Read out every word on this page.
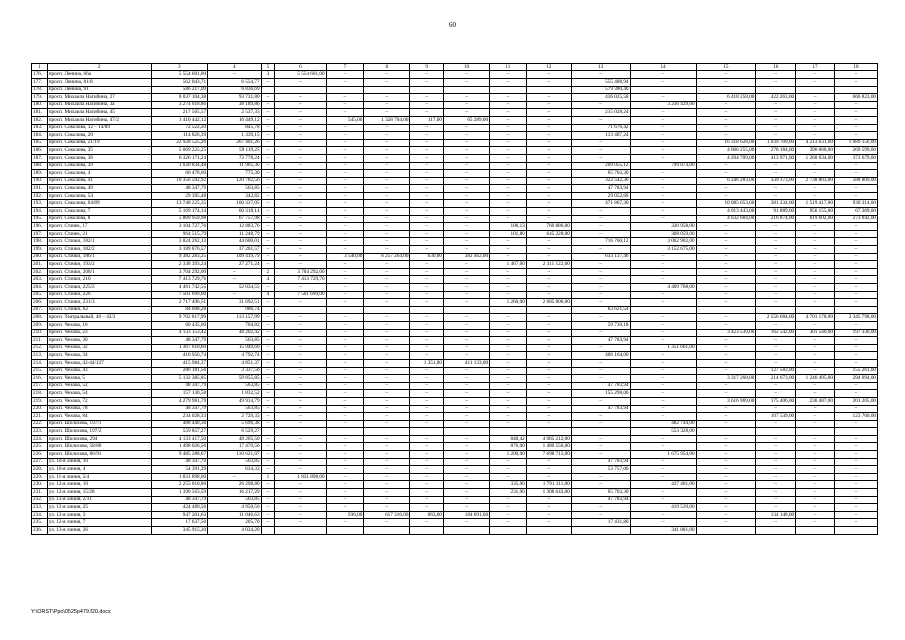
60
1	2	3	4	5	6	7	8	9	10	11	12	13	14	15	16	17	18
176.	просп. Ленина, 66а	5 554 601,00	–	3	5 554 601,00	–	–	–	–	–	–	–	–	–	–	–	–
177.	просп. Ленина, 81/8	562 043,71	6 554,77	–	–	–	–	–	–	–	–	555 488,94	–	–	–	–	–
178.	просп. Ленина, 91	586 217,09	6 836,69									579 380,40					
179.	просп. Михаила Нагибина, 27	8 037 104,38	93 731,80	–	–	–	–	–	–	–	–	436 025,58	–	6 418 258,00	422 263,00	–	666 823,00
180.	просп. Михаила Нагибина, 3а	3 274 618,86	38 189,86	–	–	–	–	–	–	–	–	–	3 236 429,00	–	–	–	–
181.	просп. Михаила Нагибина, 45	217 565,57	2 537,33	–	–	–	–	–	–	–	–	215 028,24	–	–	–	–	–
182.	просп. Михаила Нагибина, 47/2	1 410 442,12	16 449,12	–	–	545,00	1 328 704,00	117,00	65 289,00	–	–	–	–	–	–	–	–
183.	просп. Соколова, 12 – 14/89	72 522,20	845,78	–	–	–	–	–	–	–	–	71 676,42	–	–	–	–	–
184.	просп. Соколова, 20	114 826,39	1 339,15	–	–	–	–	–	–	–	–	113 487,24	–	–	–	–	–
185.	просп. Соколова, 21/19	22 928 525,26	267 401,26	–	–	–	–	–	–	–	–	–	–	16 318 628,00	1 039 709,00	4 213 631,00	1 089 156,00
186.	просп. Соколова, 35	5 069 225,25	59 119,25	–	–	–	–	–	–	–	–	–	–	4 066 255,00	278 184,00	396 068,00	269 599,00
187.	просп. Соколова, 36	6 326 171,24	73 778,24	–	–	–	–	–	–	–	–	–	–	4 204 709,00	413 971,00	1 260 034,00	373 679,00
188.	просп. Соколова, 39	1 020 834,48	11 905,36	–	–	–	–	–	–	–	–	209 055,12	799 874,00	–	–	–	–
189.	просп. Соколова, 4	66 478,60	775,30	–	–	–	–	–	–	–	–	65 703,30	–	–	–	–	–
190.	просп. Соколова, 41	10 356 592,92	120 782,56	–	–	–	–	–	–	–	–	322 542,36	–	6 246 283,00	339 373,00	2 738 803,00	588 809,00
191.	просп. Соколова, 49	48 347,79	563,85	–	–	–	–	–	–	–	–	47 783,94	–	–	–	–	–
192.	просп. Соколова, 54	29 395,48	342,82	–	–	–	–	–	–	–	–	29 052,66	–	–	–	–	–
193.	просп. Соколова, 64/89	13 748 225,35	160 337,05	–	–	–	–	–	–	–	–	471 867,30	–	10 085 053,00	381 234,00	1 519 417,00	930 314,00
194.	просп. Соколова, 7	5 169 174,14	60 318,14	–	–	–	–	–	–	–	–	–	–	4 013 443,00	91 889,00	956 155,00	67 369,00
195.	просп. Соколова, 8	5 809 959,98	67 757,98	–	–	–	–	–	–	–	–	–	–	4 632 684,00	216 874,00	619 602,00	273 042,00
196.	просп. Стачек, 17	3 104 727,76	12 883,76	–	–	–	–	–	–	106,13	760 886,00	–	330 958,00	–	–	–	–
197.	просп. Стачек, 21	964 515,79	11 248,79	–	–	–	–	–	–	101,80	645 228,00	–	308 059,00	–	–	–	–
198.	просп. Стачки, 182/1	3 824 262,13	44 600,01	–	–	–	–	–	–	–	–	716 760,12	3 062 902,00	–	–	–	–
199.	просп. Стачки, 182/2	3 189 876,57	37 201,57	–	–	–	–	–	–	–	–	–	3 152 675,00	–	–	–	–
200.	просп. Стачки, 186/1	9 382 283,25	109 419,79	–	–	3 540,00	8 257 264,00	630,00	382 462,00	–	–	633 137,46	–	–	–	–	–
201.	просп. Стачки, 193/2	2 338 393,24	27 271,24	–	–	–	–	–	–	1 467,00	2 311 122,00	–	–	–	–	–	–
202.	просп. Стачки, 208/1	3 704 292,00	–	2	3 704 292,00	–	–	–	–	–	–	–	–	–	–	–	–
203.	просп. Стачки, 210	7 413 729,76	–	4	7 413 729,76	–	–	–	–	–	–	–	–	–	–	–	–
204.	просп. Стачки, 225/2	4 461 742,55	52 034,55	–	–	–	–	–	–	–	–	–	4 409 708,00	–	–	–	–
205.	просп. Стачки, 226	7 501 699,00	–	4	7 501 699,00	–	–	–	–	–	–	–	–	–	–	–	–
206.	просп. Стачки, 231/3	2 717 496,51	31 692,51	–	–	–	–	–	–	1 260,00	2 685 806,00	–	–	–	–	–	–
207.	просп. Стачки, 62	84 608,28	986,74									83 621,54					
208.	просп. Театральный, 40 – 42/2	9 702 817,99	113 157,99	–	–	–	–	–	–	–	–	–	–	–	2 556 684,00	4 701 178,00	2 345 798,00
209.	просп. Чехова, 10	60 435,00	704,82	–	–	–	–	–	–	–	–	59 730,18	–	–	–	–	–
210.	просп. Чехова, 23	4 133 153,42	48 202,42	–	–	–	–	–	–	–	–	–	–	3 423 539,00	162 542,00	301 540,00	197 330,00
211.	просп. Чехова, 30	48 347,79	563,85	–	–	–	–	–	–	–	–	47 783,94	–	–	–	–	–
212.	просп. Чехова, 32	1 367 610,60	15 949,60	–	–	–	–	–	–	–	–	–	1 351 661,00	–	–	–	–
213.	просп. Чехова, 34	410 956,74	4 792,74	–	–	–	–	–	–	–	–	406 164,00	–	–	–	–	–
214.	просп. Чехова, 42-44/127	415 984,37	4 851,37	–	–	–	–	1 351,00	411 133,00	–	–	–	–	–	–	–	–
215.	просп. Чехова, 43	286 181,56	3 337,56	–	–	–	–	–	–	–	–	–	–	–	127 583,00	–	155 261,00
216.	просп. Чехова, 5	5 132 385,85	59 855,85	–	–	–	–	–	–	–	–	–	–	3 317 268,00	214 673,00	1 246 495,00	294 094,00
217.	просп. Чехова, 52	48 347,79	563,85	–	–	–	–	–	–	–	–	47 783,94	–	–	–	–	–
218.	просп. Чехова, 54	157 130,58	1 832,52	–	–	–	–	–	–	–	–	155 298,06	–	–	–	–	–
219.	просп. Чехова, 72	4 279 981,79	49 914,79	–	–	–	–	–	–	–	–	–	–	3 616 969,00	175 406,00	236 487,00	201 205,00
220.	просп. Чехова, 78	48 347,79	563,85	–	–	–	–	–	–	–	–	47 783,94	–	–	–	–	–
221.	просп. Чехова, 84	234 028,33	2 729,33	–	–	–	–	–	–	–	–	–	–	–	107 539,00	–	123 760,00
222.	просп. Шолохова, 197/1	488 440,38	5 696,38	–	–	–	–	–	–	–	–	–	482 744,00	–	–	–	–
223.	просп. Шолохова, 197/2	559 857,27	6 529,27										553 328,00				
224.	просп. Шолохова, 294	4 133 417,50	48 205,50	–	–	–	–	–	–	840,42	4 085 212,00	–	–	–	–	–	–
225.	просп. Шолохова, 58/80	1 498 026,56	17 470,56	–	–	–	–	–	–	876,00	1 480 556,00	–	–	–	–	–	–
226.	просп. Шолохова, 86/91	9 485 288,07	110 621,07	–	–	–	–	–	–	1 200,00	7 698 713,00	–	1 675 954,00	–	–	–	–
227.	ул. 10-я линия, 10	48 347,79	563,85	–	–	–	–	–	–	–	–	47 783,94	–	–	–	–	–
228.	ул. 10-я линия, 4	54 391,39	634,33	–	–	–	–	–	–	–	–	53 757,06	–	–	–	–	–
229.	ул. 11-я линия, 5/4	1 831 898,00	–	1	1 831 898,00	–	–	–	–	–	–	–	–	–	–	–	–
230.	ул. 12-я линия, 10	2 255 010,80	26 298,80	–	–	–	–	–	–	335,00	1 791 311,00	–	437 401,00	–	–	–	–
231.	ул. 12-я линия, 15/28	1 390 563,59	16 217,29	–	–	–	–	–	–	231,00	1 308 643,00	65 703,30	–	–	–	–	–
232.	ул. 12-я линия, 2/31	48 347,79	563,85	–	–	–	–	–	–	–	–	47 783,94	–	–	–	–	–
233.	ул. 12-я линия, 25	424 489,56	4 950,56	–	–	–	–	–	–	–	–	–	419 539,00	–	–	–	–
234.	ул. 12-я линия, 3	947 201,63	11 046,63	–	–	936,00	617 316,00	663,00	184 691,00	–	–	–	–	–	134 148,00	–	–
235.	ул. 12-я линия, 7	17 637,50	205,70	–	–	–	–	–	–	–	–	17 431,80	–	–	–	–	–
236.	ул. 13-я линия, 26	345 915,20	4 034,20										341 881,00				
Y:\ORST\Ppo\0525p479.f20.docx
